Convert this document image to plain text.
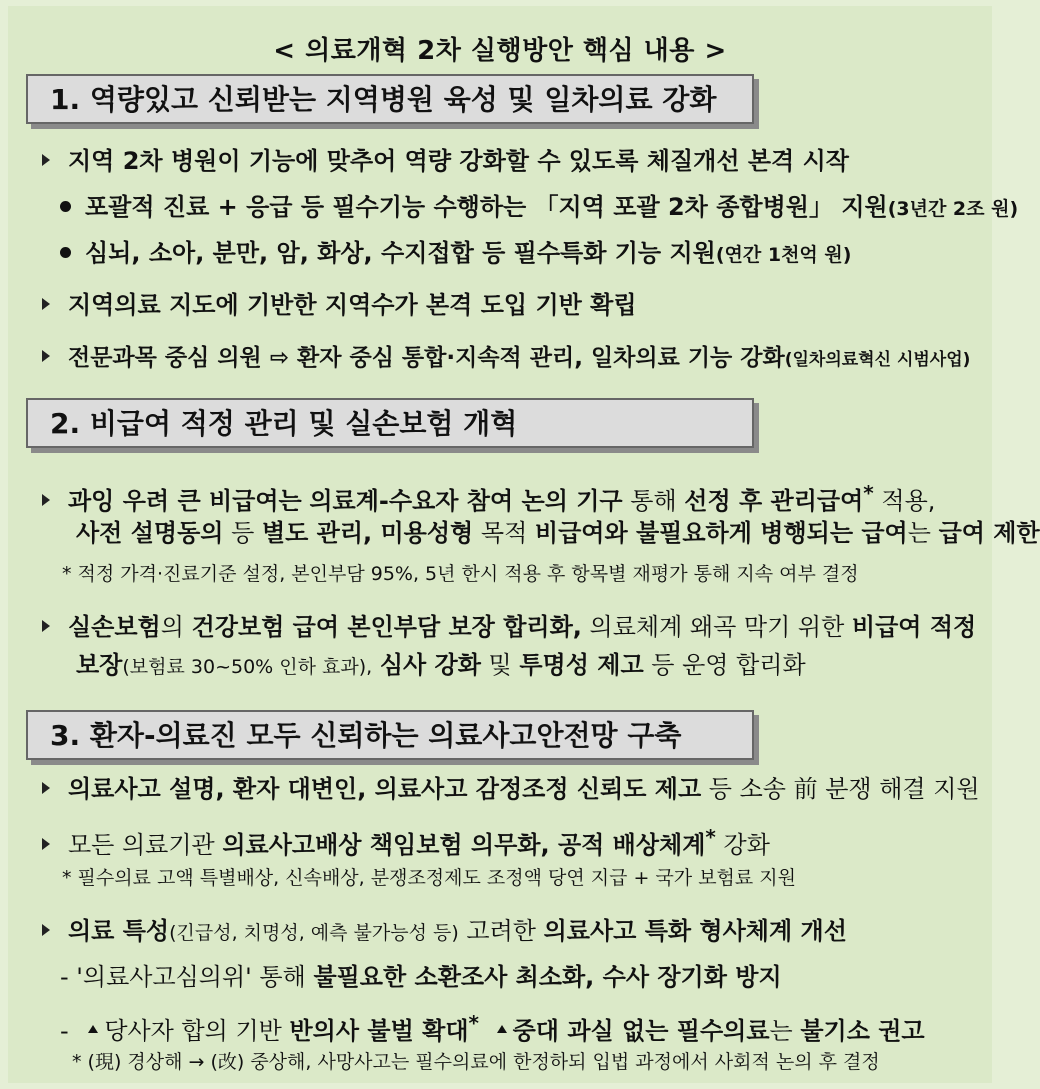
< 의료개혁 2차 실행방안 핵심 내용 >
1. 역량있고 신뢰받는 지역병원 육성 및 일차의료 강화
지역 2차 병원이 기능에 맞추어 역량 강화할 수 있도록 체질개선 본격 시작
포괄적 진료 + 응급 등 필수기능 수행하는 「지역 포괄 2차 종합병원」 지원(3년간 2조 원)
심뇌, 소아, 분만, 암, 화상, 수지접합 등 필수특화 기능 지원(연간 1천억 원)
지역의료 지도에 기반한 지역수가 본격 도입 기반 확립
전문과목 중심 의원 ⇨ 환자 중심 통합·지속적 관리, 일차의료 기능 강화(일차의료혁신 시범사업)
2. 비급여 적정 관리 및 실손보험 개혁
과잉 우려 큰 비급여는 의료계-수요자 참여 논의 기구 통해 선정 후 관리급여* 적용,
사전 설명동의 등 별도 관리, 미용성형 목적 비급여와 불필요하게 병행되는 급여는 급여 제한
* 적정 가격·진료기준 설정, 본인부담 95%, 5년 한시 적용 후 항목별 재평가 통해 지속 여부 결정
실손보험의 건강보험 급여 본인부담 보장 합리화, 의료체계 왜곡 막기 위한 비급여 적정
보장(보험료 30~50% 인하 효과), 심사 강화 및 투명성 제고 등 운영 합리화
3. 환자-의료진 모두 신뢰하는 의료사고안전망 구축
의료사고 설명, 환자 대변인, 의료사고 감정조정 신뢰도 제고 등 소송 前 분쟁 해결 지원
모든 의료기관 의료사고배상 책임보험 의무화, 공적 배상체계* 강화
* 필수의료 고액 특별배상, 신속배상, 분쟁조정제도 조정액 당연 지급 + 국가 보험료 지원
의료 특성(긴급성, 치명성, 예측 불가능성 등) 고려한 의료사고 특화 형사체계 개선
- '의료사고심의위' 통해 불필요한 소환조사 최소화, 수사 장기화 방지
- 당사자 합의 기반 반의사 불벌 확대* 중대 과실 없는 필수의료는 불기소 권고
* (現) 경상해 → (改) 중상해, 사망사고는 필수의료에 한정하되 입법 과정에서 사회적 논의 후 결정
